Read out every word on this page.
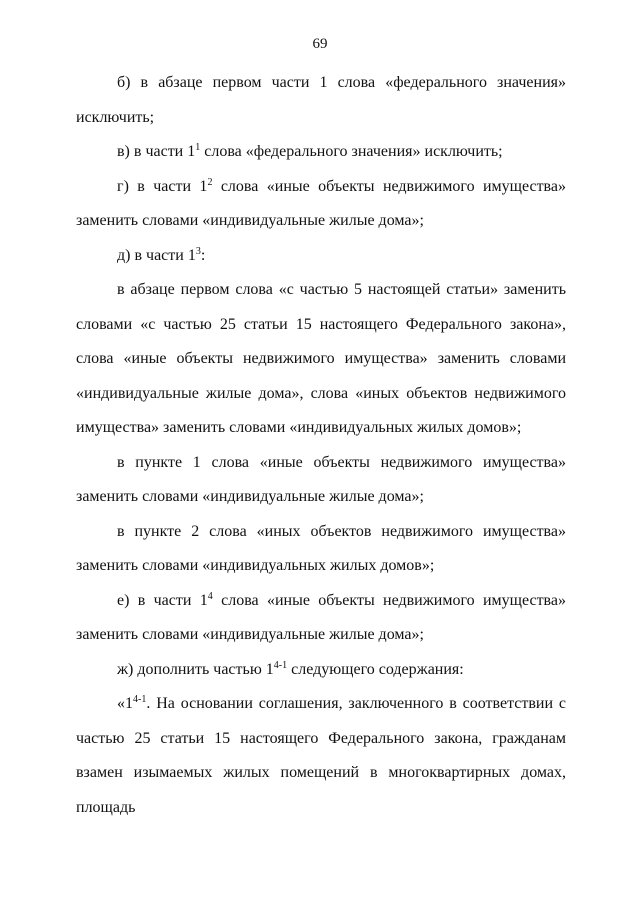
69

б) в абзаце первом части 1 слова «федерального значения» исключить;

в) в части $1^1$ слова «федерального значения» исключить;

г) в части $1^2$ слова «иные объекты недвижимого имущества» заменить словами «индивидуальные жилые дома»;

д) в части $1^3$:

в абзаце первом слова «с частью 5 настоящей статьи» заменить словами «с частью 25 статьи 15 настоящего Федерального закона», слова «иные объекты недвижимого имущества» заменить словами «индивидуальные жилые дома», слова «иных объектов недвижимого имущества» заменить словами «индивидуальных жилых домов»;

в пункте 1 слова «иные объекты недвижимого имущества» заменить словами «индивидуальные жилые дома»;

в пункте 2 слова «иных объектов недвижимого имущества» заменить словами «индивидуальных жилых домов»;

е) в части $1^4$ слова «иные объекты недвижимого имущества» заменить словами «индивидуальные жилые дома»;

ж) дополнить частью 1$^{4-1}$ следующего содержания:

«1$^{4-1}$. На основании соглашения, заключенного в соответствии с частью 25 статьи 15 настоящего Федерального закона, гражданам взамен изымаемых жилых помещений в многоквартирных домах, площадь
